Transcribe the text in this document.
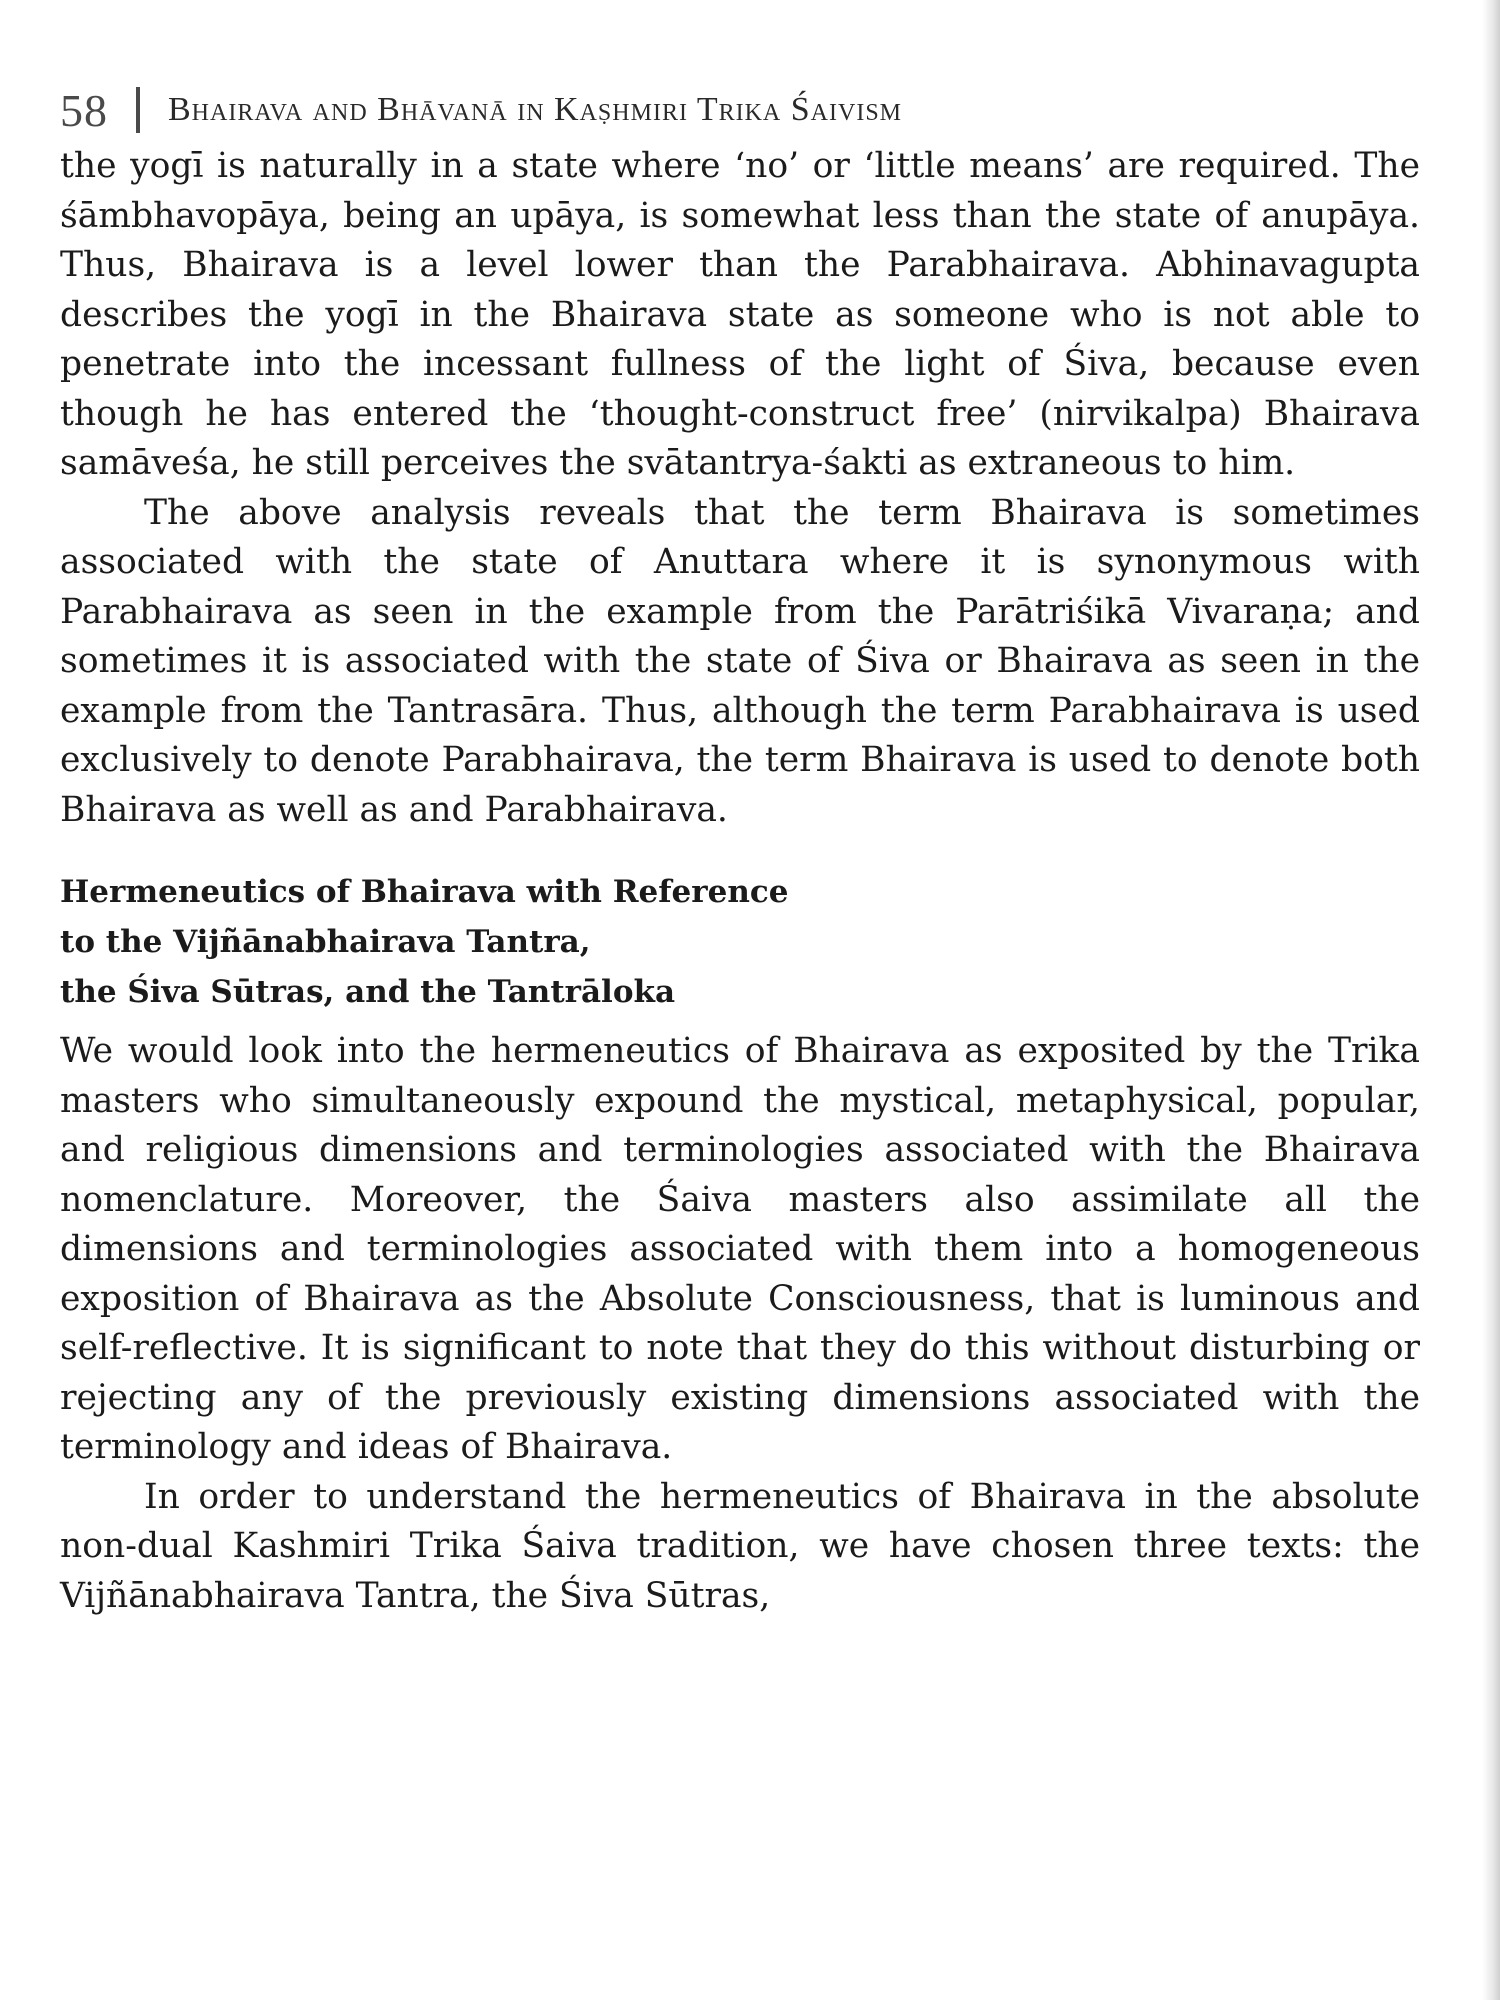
58 Bhairava and Bhāvanā in Kaṣhmiri Trika Śaivism

the yogī is naturally in a state where ‘no’ or ‘little means’ are required. The śāmbhavopāya, being an upāya, is somewhat less than the state of anupāya. Thus, Bhairava is a level lower than the Parabhairava. Abhinavagupta describes the yogī in the Bhairava state as someone who is not able to penetrate into the incessant fullness of the light of Śiva, because even though he has entered the ‘thought-construct free’ (nirvikalpa) Bhairava samāveśa, he still perceives the svātantrya-śakti as extraneous to him.

The above analysis reveals that the term Bhairava is sometimes associated with the state of Anuttara where it is synonymous with Parabhairava as seen in the example from the Parātriśikā Vivaraṇa; and sometimes it is associated with the state of Śiva or Bhairava as seen in the example from the Tantrasāra. Thus, although the term Parabhairava is used exclusively to denote Parabhairava, the term Bhairava is used to denote both Bhairava as well as and Parabhairava.

Hermeneutics of Bhairava with Reference
to the Vijñānabhairava Tantra,
the Śiva Sūtras, and the Tantrāloka

We would look into the hermeneutics of Bhairava as exposited by the Trika masters who simultaneously expound the mystical, metaphysical, popular, and religious dimensions and terminologies associated with the Bhairava nomenclature. Moreover, the Śaiva masters also assimilate all the dimensions and terminologies associated with them into a homogeneous exposition of Bhairava as the Absolute Consciousness, that is luminous and self-reflective. It is significant to note that they do this without disturbing or rejecting any of the previously existing dimensions associated with the terminology and ideas of Bhairava.

In order to understand the hermeneutics of Bhairava in the absolute non-dual Kashmiri Trika Śaiva tradition, we have chosen three texts: the Vijñānabhairava Tantra, the Śiva Sūtras,
